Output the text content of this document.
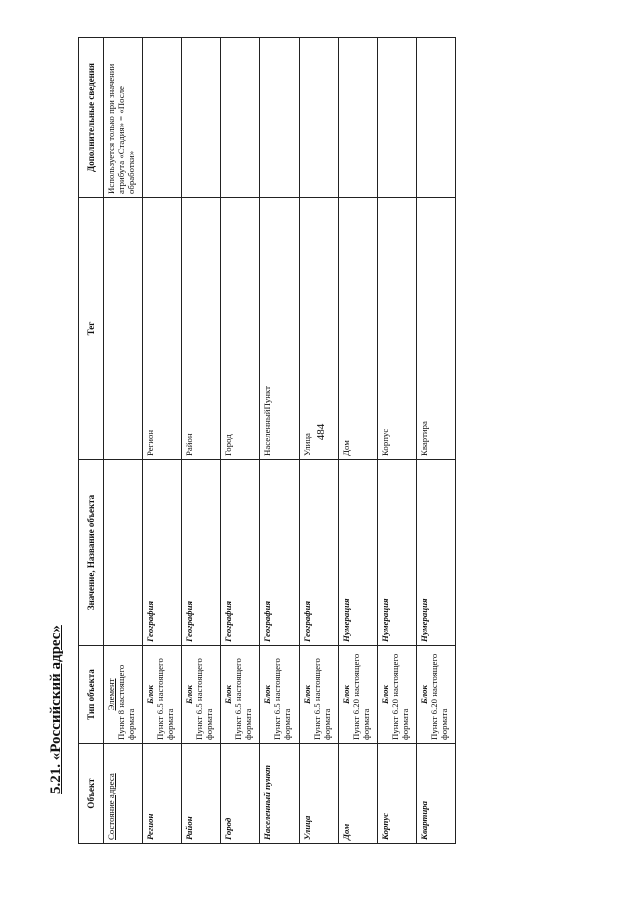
484
5.21. «Российский адрес» Объект	Тип объекта	Значение, Название объекта	Тег	Дополнительные сведения
Состояние адреса	Элемент Пункт 8 настоящего формата			Используется только при значении атрибута «Стадия» = «После обработки»
Регион	Блок Пункт 6.5 настоящего формата	География	Регион	
Район	Блок Пункт 6.5 настоящего формата	География	Район	
Город	Блок Пункт 6.5 настоящего формата	География	Город	
Населенный пункт	Блок Пункт 6.5 настоящего формата	География	НаселенныйПункт	
Улица	Блок Пункт 6.5 настоящего формата	География	Улица	
Дом	Блок Пункт 6.20 настоящего формата	Нумерация	Дом	
Корпус	Блок Пункт 6.20 настоящего формата	Нумерация	Корпус	
Квартира	Блок Пункт 6.20 настоящего формата	Нумерация	Квартира	
